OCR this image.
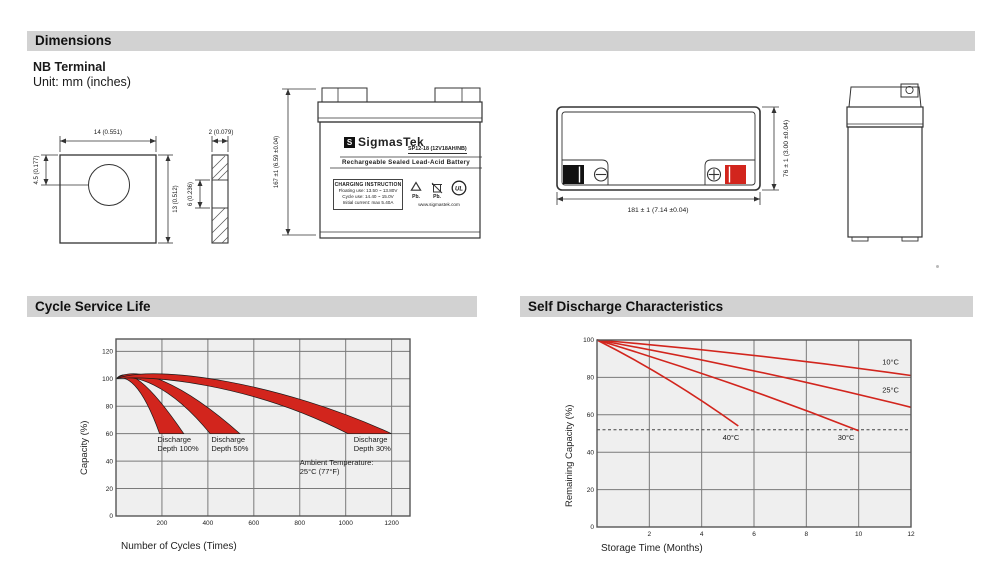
Dimensions
NB Terminal
Unit: mm (inches)
14 (0.551)
4.5 (0.177)
13 (0.512)
2 (0.079)
6 (0.236)
167 ±1 (6.59 ±0.04)	S SigmasTek
SP12-18 (12V18AH/NB)
Rechargeable Sealed Lead-Acid Battery
CHARGING INSTRUCTION
Floating use: 13.50 ~ 13.80V
Cycle use: 14.40 ~ 15.0V
Initial current: max 5.40A
Pb.	Pb.
UL
www.sigmastek.com
181 ± 1 (7.14 ±0.04)
76 ± 1 (3.00 ±0.04)
Cycle Service Life	Self Discharge Characteristics
Discharge
Depth 100%
Discharge
Depth 50%
Discharge
Depth 30%
Ambient Temperature:
25°C (77°F)
200	400	600	800	1000	1200
0
20
40
60
80
100
120
Capacity (%)
Number of Cycles (Times)
10°C
25°C
30°C
40°C
2	4	6	8	10	12
0
20
40
60
80
100
Remaining Capacity (%)
Storage Time (Months)
